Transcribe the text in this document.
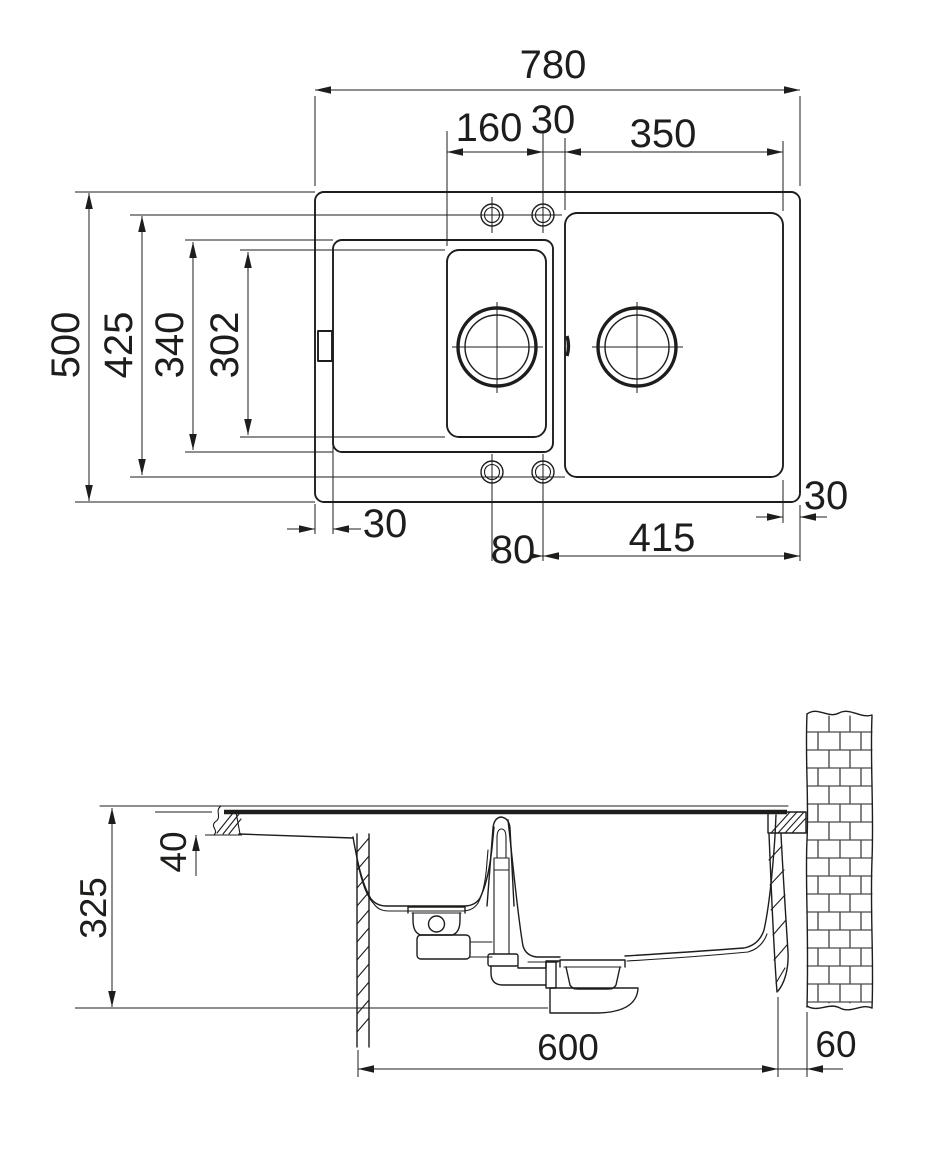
780
160 30 350
500 425 340 302
30
80 415
30
40
325
600	60
